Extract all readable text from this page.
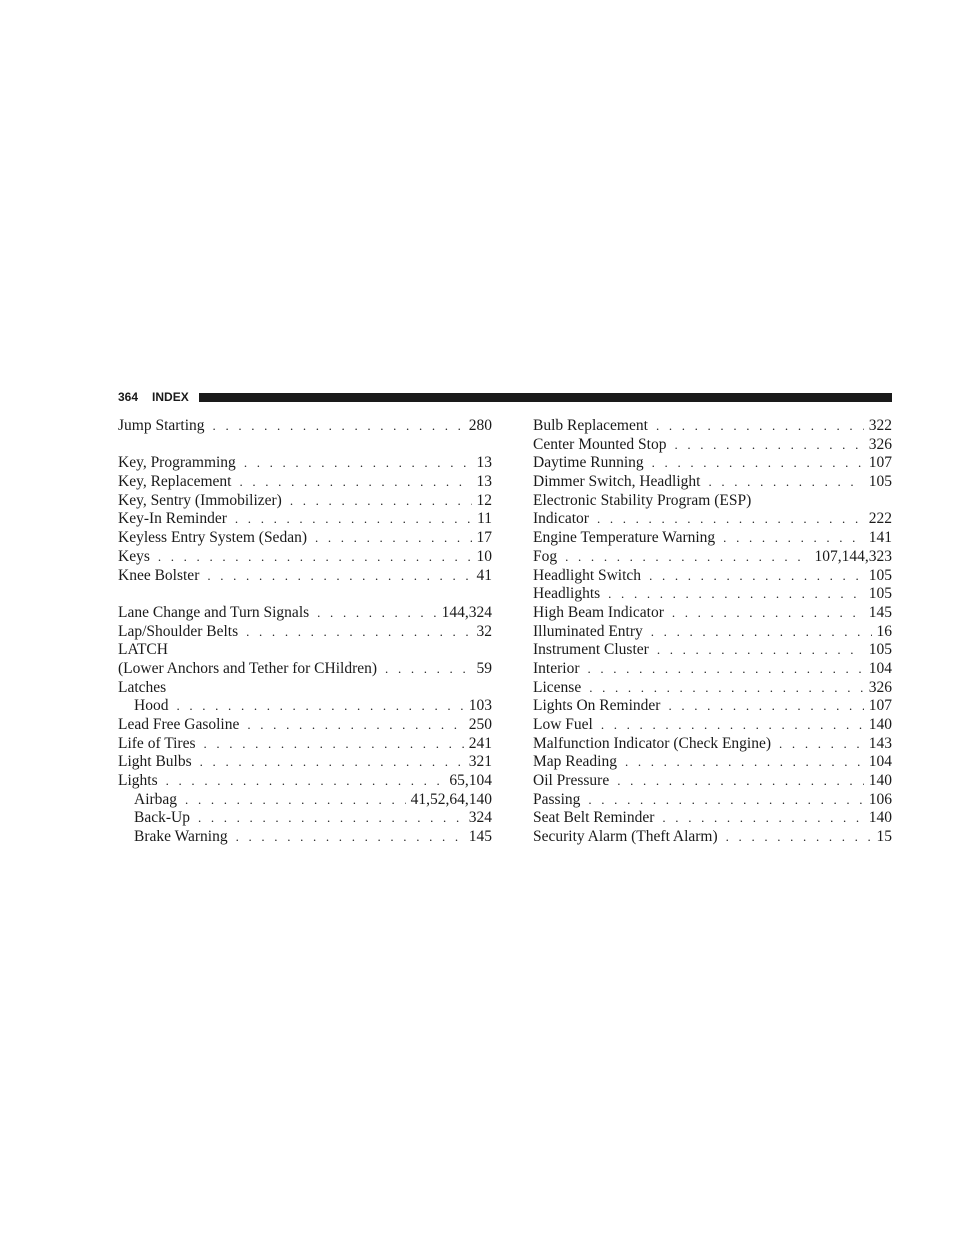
364 INDEX
Jump Starting . . .	280
Key, Programming . . .	13
Key, Replacement . . .	13
Key, Sentry (Immobilizer) . . .	12
Key-In Reminder . . .	11
Keyless Entry System (Sedan) . . .	17
Keys . . .	10
Knee Bolster . . .	41
Lane Change and Turn Signals . . .	144,324
Lap/Shoulder Belts . . .	32
LATCH
(Lower Anchors and Tether for CHildren) . . .	59
Latches
Hood . . .	103
Lead Free Gasoline . . .	250
Life of Tires . . .	241
Light Bulbs . . .	321
Lights . . .	65,104
Airbag . . .	41,52,64,140
Back-Up . . .	324
Brake Warning . . .	145
Bulb Replacement . . .	322
Center Mounted Stop . . .	326
Daytime Running . . .	107
Dimmer Switch, Headlight . . .	105
Electronic Stability Program (ESP)
Indicator . . .	222
Engine Temperature Warning . . .	141
Fog . . .	107,144,323
Headlight Switch . . .	105
Headlights . . .	105
High Beam Indicator . . .	145
Illuminated Entry . . .	16
Instrument Cluster . . .	105
Interior . . .	104
License . . .	326
Lights On Reminder . . .	107
Low Fuel . . .	140
Malfunction Indicator (Check Engine) . . .	143
Map Reading . . .	104
Oil Pressure . . .	140
Passing . . .	106
Seat Belt Reminder . . .	140
Security Alarm (Theft Alarm) . . .	15
